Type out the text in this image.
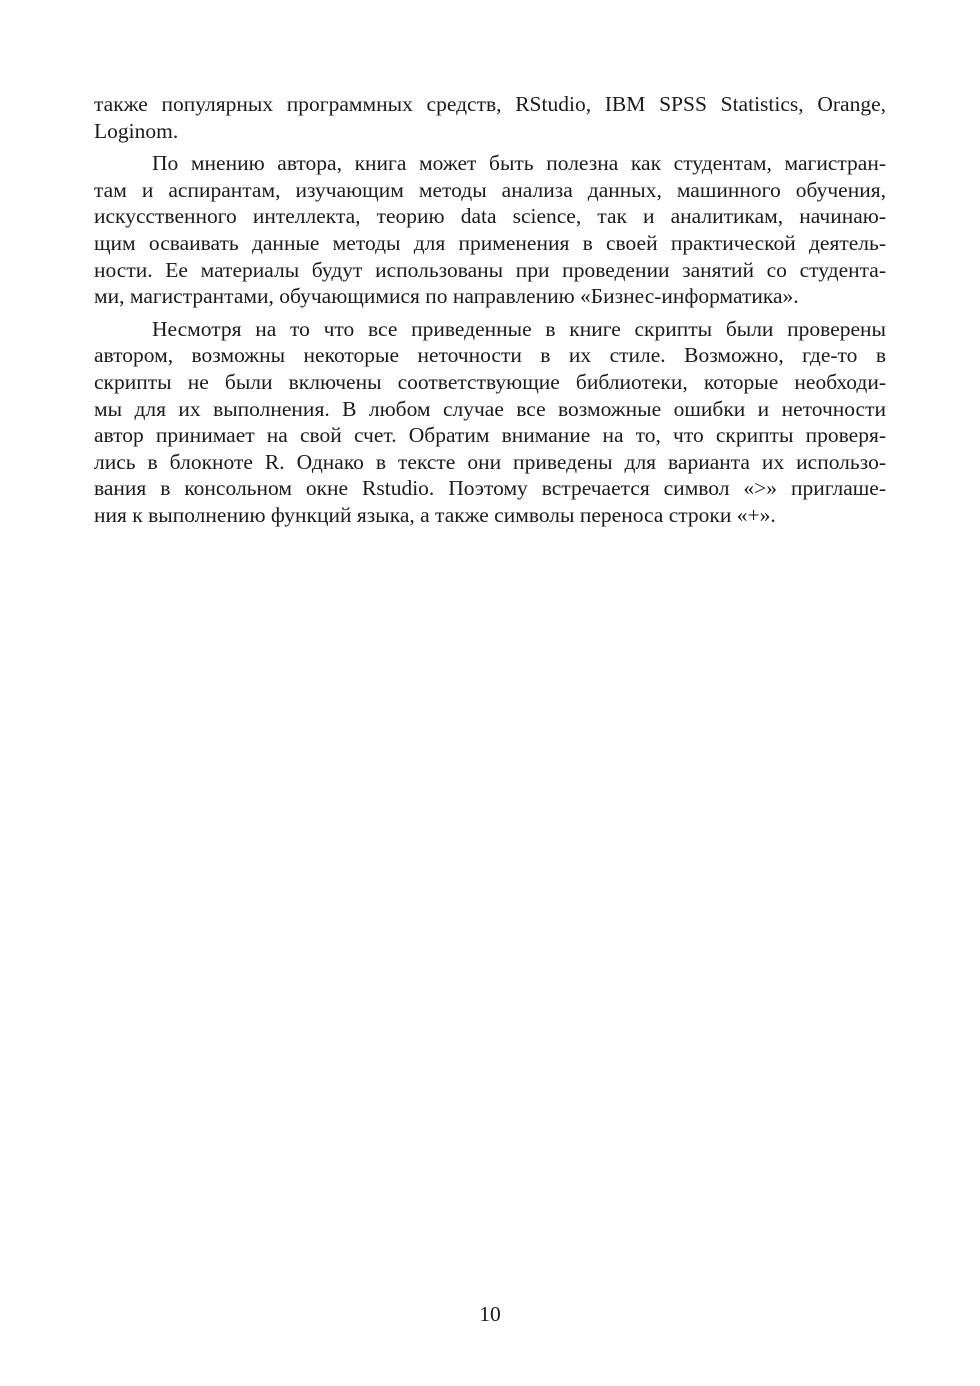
также популярных программных средств, RStudio, IBM SPSS Statistics, Orange,
Loginom.

По мнению автора, книга может быть полезна как студентам, магистран-
там и аспирантам, изучающим методы анализа данных, машинного обучения,
искусственного интеллекта, теорию data science, так и аналитикам, начинаю-
щим осваивать данные методы для применения в своей практической деятель-
ности. Ее материалы будут использованы при проведении занятий со студента-
ми, магистрантами, обучающимися по направлению «Бизнес-информатика».

Несмотря на то что все приведенные в книге скрипты были проверены
автором, возможны некоторые неточности в их стиле. Возможно, где-то в
скрипты не были включены соответствующие библиотеки, которые необходи-
мы для их выполнения. В любом случае все возможные ошибки и неточности
автор принимает на свой счет. Обратим внимание на то, что скрипты проверя-
лись в блокноте R. Однако в тексте они приведены для варианта их использо-
вания в консольном окне Rstudio. Поэтому встречается символ «>» приглаше-
ния к выполнению функций языка, а также символы переноса строки «+».

10
